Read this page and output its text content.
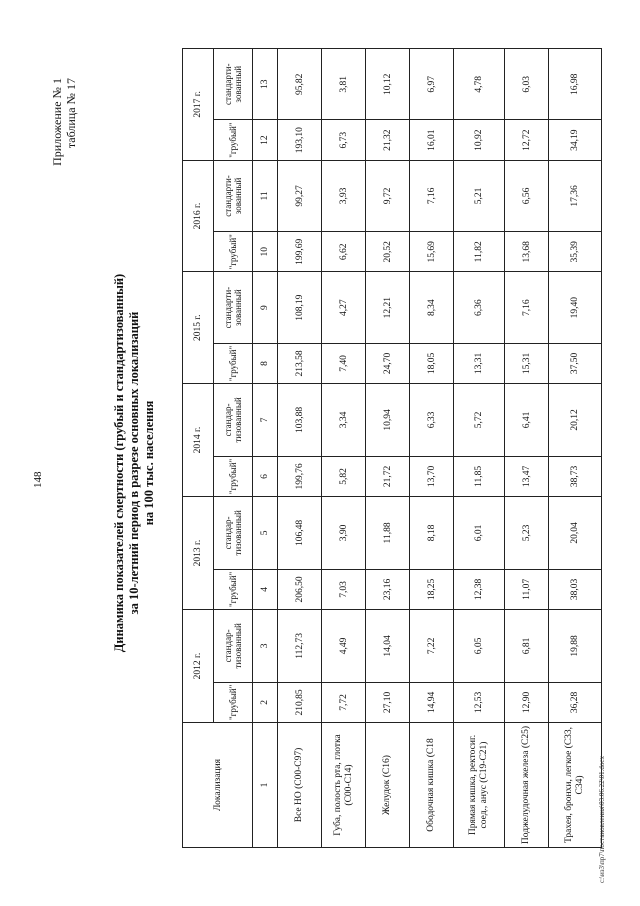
148
Приложение № 1 таблица № 17
Динамика показателей смертности (грубый и стандартизованный) за 10-летний период в разрезе основных локализаций на 100 тыс. населения
Локализация	2012 г.		2013 г.		2014 г.		2015 г.		2016 г.		2017 г.	
	"грубый"	стандар-тизованный	"грубый"	стандар-тизованный	"грубый"	стандар-тизованный	"грубый"	стандарти-зованный	"грубый"	стандарти-зованный	"грубый"	стандарти-зованный
1	2	3	4	5	6	7	8	9	10	11	12	13
Все НО (С00-С97)	210,85	112,73	206,50	106,48	199,76	103,88	213,58	108,19	199,69	99,27	193,10	95,82
Губа, полость рта, глотка (С00-С14)	7,72	4,49	7,03	3,90	5,82	3,34	7,40	4,27	6,62	3,93	6,73	3,81
Желудок (С16)	27,10	14,04	23,16	11,88	21,72	10,94	24,70	12,21	20,52	9,72	21,32	10,12
Ободочная кишка (С18	14,94	7,22	18,25	8,18	13,70	6,33	18,05	8,34	15,69	7,16	16,01	6,97
Прямая кишка, ректосиг. соед., анус (С19-С21)	12,53	6,05	12,38	6,01	11,85	5,72	13,31	6,36	11,82	5,21	10,92	4,78
Поджелудочная железа (С25)	12,90	6,81	11,07	5,23	13,47	6,41	15,31	7,16	13,68	6,56	12,72	6,03
Трахея, бронхи, легкое (С33, С34)	36,28	19,88	38,03	20,04	38,73	20,12	37,50	19,40	35,39	17,36	34,19	16,98
c:\из3\пр7\постановления\03.06.22\01.docx
